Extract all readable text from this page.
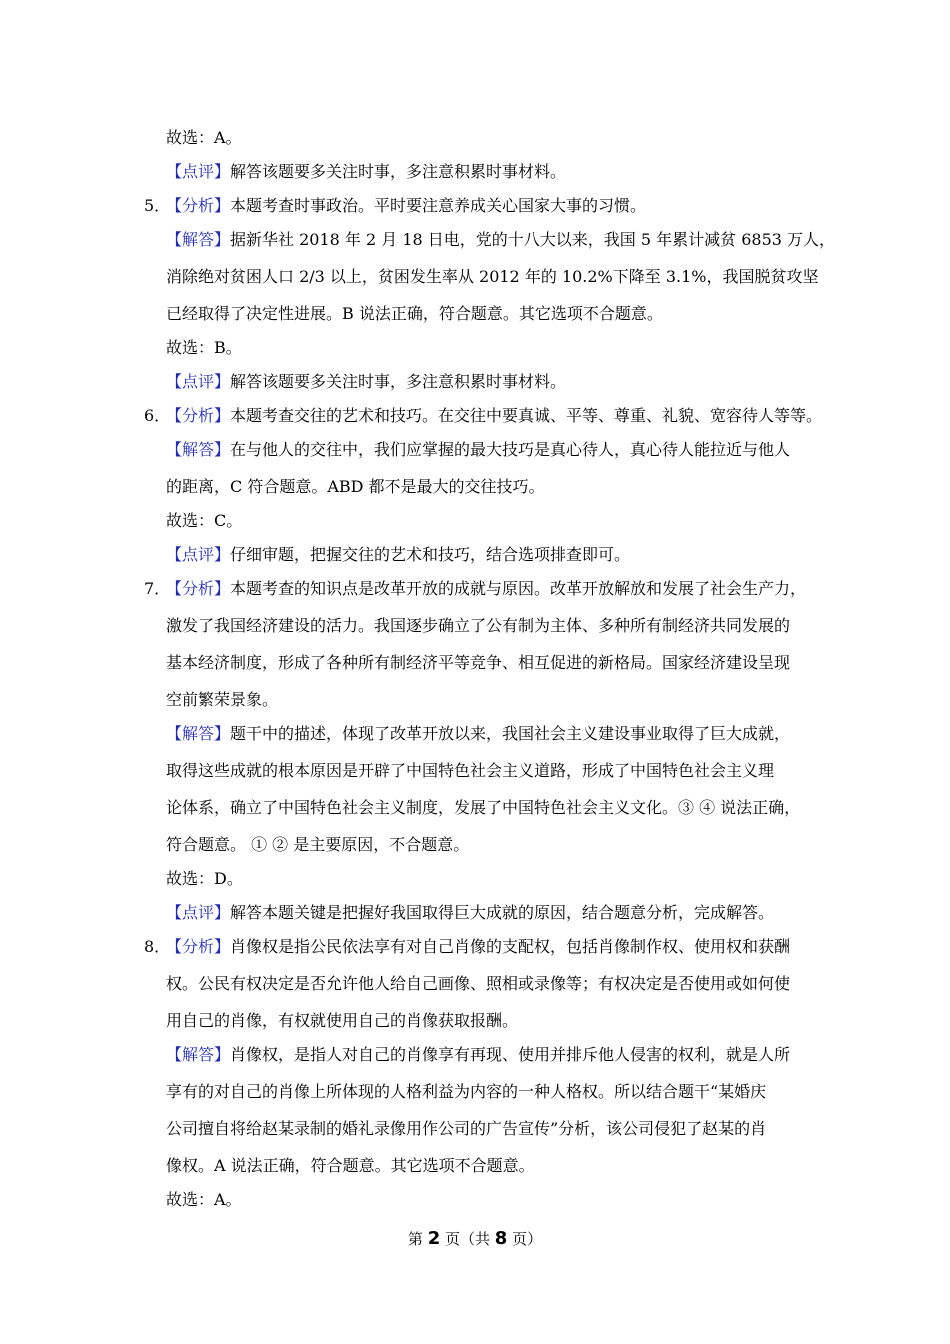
故选：A。
【点评】解答该题要多关注时事，多注意积累时事材料。
5．
【分析】本题考查时事政治。平时要注意养成关心国家大事的习惯。
【解答】据新华社 2018 年 2 月 18 日电，党的十八大以来，我国 5 年累计减贫 6853 万人，
消除绝对贫困人口 2/3 以上，贫困发生率从 2012 年的 10.2%下降至 3.1%，我国脱贫攻坚
已经取得了决定性进展。B 说法正确，符合题意。其它选项不合题意。
故选：B。
【点评】解答该题要多关注时事，多注意积累时事材料。
6．
【分析】本题考查交往的艺术和技巧。在交往中要真诚、平等、尊重、礼貌、宽容待人等等。
【解答】在与他人的交往中，我们应掌握的最大技巧是真心待人，真心待人能拉近与他人
的距离，C 符合题意。ABD 都不是最大的交往技巧。
故选：C。
【点评】仔细审题，把握交往的艺术和技巧，结合选项排查即可。
7．
【分析】本题考查的知识点是改革开放的成就与原因。改革开放解放和发展了社会生产力，
激发了我国经济建设的活力。我国逐步确立了公有制为主体、多种所有制经济共同发展的
基本经济制度，形成了各种所有制经济平等竞争、相互促进的新格局。国家经济建设呈现
空前繁荣景象。
【解答】题干中的描述，体现了改革开放以来，我国社会主义建设事业取得了巨大成就，
取得这些成就的根本原因是开辟了中国特色社会主义道路，形成了中国特色社会主义理
论体系，确立了中国特色社会主义制度，发展了中国特色社会主义文化。③ ④ 说法正确，
符合题意。 ① ② 是主要原因，不合题意。
故选：D。
【点评】解答本题关键是把握好我国取得巨大成就的原因，结合题意分析，完成解答。
8．
【分析】肖像权是指公民依法享有对自己肖像的支配权，包括肖像制作权、使用权和获酬
权。公民有权决定是否允许他人给自己画像、照相或录像等；有权决定是否使用或如何使
用自己的肖像，有权就使用自己的肖像获取报酬。
【解答】肖像权，是指人对自己的肖像享有再现、使用并排斥他人侵害的权利，就是人所
享有的对自己的肖像上所体现的人格利益为内容的一种人格权。所以结合题干“某婚庆
公司擅自将给赵某录制的婚礼录像用作公司的广告宣传”分析，该公司侵犯了赵某的肖
像权。A 说法正确，符合题意。其它选项不合题意。
故选：A。
第 2 页（共 8 页）
